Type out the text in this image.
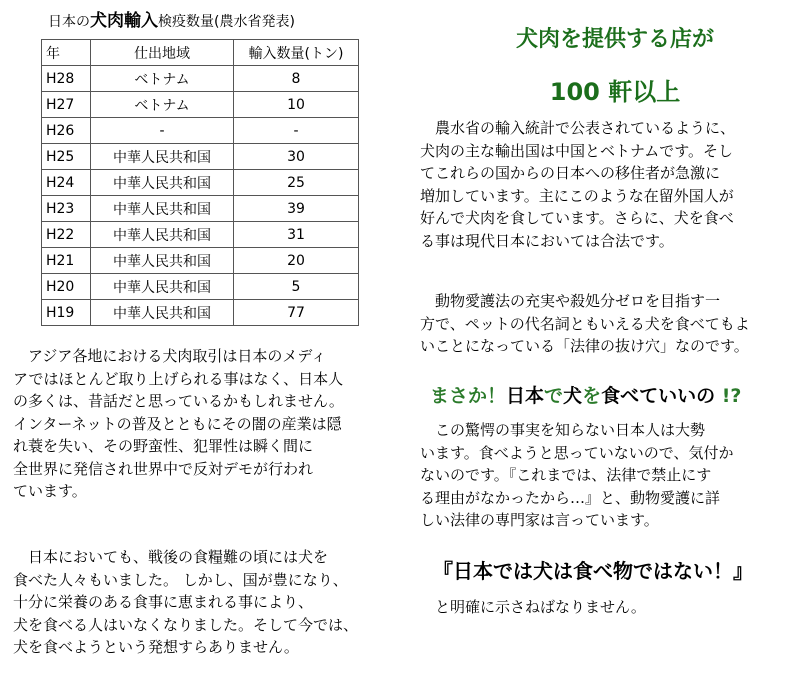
日本の犬肉輸入検疫数量(農水省発表)
年	仕出地域	輸入数量(トン)
H28	ベトナム	8
H27	ベトナム	10
H26	-	-
H25	中華人民共和国	30
H24	中華人民共和国	25
H23	中華人民共和国	39
H22	中華人民共和国	31
H21	中華人民共和国	20
H20	中華人民共和国	5
H19	中華人民共和国	77
　アジア各地における犬肉取引は日本のメディ
アではほとんど取り上げられる事はなく、日本人
の多くは、昔話だと思っているかもしれません。
インターネットの普及とともにその闇の産業は隠
れ蓑を失い、その野蛮性、犯罪性は瞬く間に
全世界に発信され世界中で反対デモが行われ
ています。
　日本においても、戦後の食糧難の頃には犬を
食べた人々もいました。 しかし、国が豊になり、
十分に栄養のある食事に恵まれる事により、
犬を食べる人はいなくなりました。そして今では、
犬を食べようという発想すらありません。
犬肉を提供する店が
100 軒以上
　農水省の輸入統計で公表されているように、
犬肉の主な輸出国は中国とベトナムです。そし
てこれらの国からの日本への移住者が急激に
増加しています。主にこのような在留外国人が
好んで犬肉を食しています。さらに、犬を食べ
る事は現代日本においては合法です。
　動物愛護法の充実や殺処分ゼロを目指す一
方で、ペットの代名詞ともいえる犬を食べてもよ
いことになっている「法律の抜け穴」なのです。
まさか！日本で犬を食べていいの !?
　この驚愕の事実を知らない日本人は大勢
います。食べようと思っていないので、気付か
ないのです。『これまでは、法律で禁止にす
る理由がなかったから…』と、動物愛護に詳
しい法律の専門家は言っています。
『日本では犬は食べ物ではない！』
　と明確に示さねばなりません。
